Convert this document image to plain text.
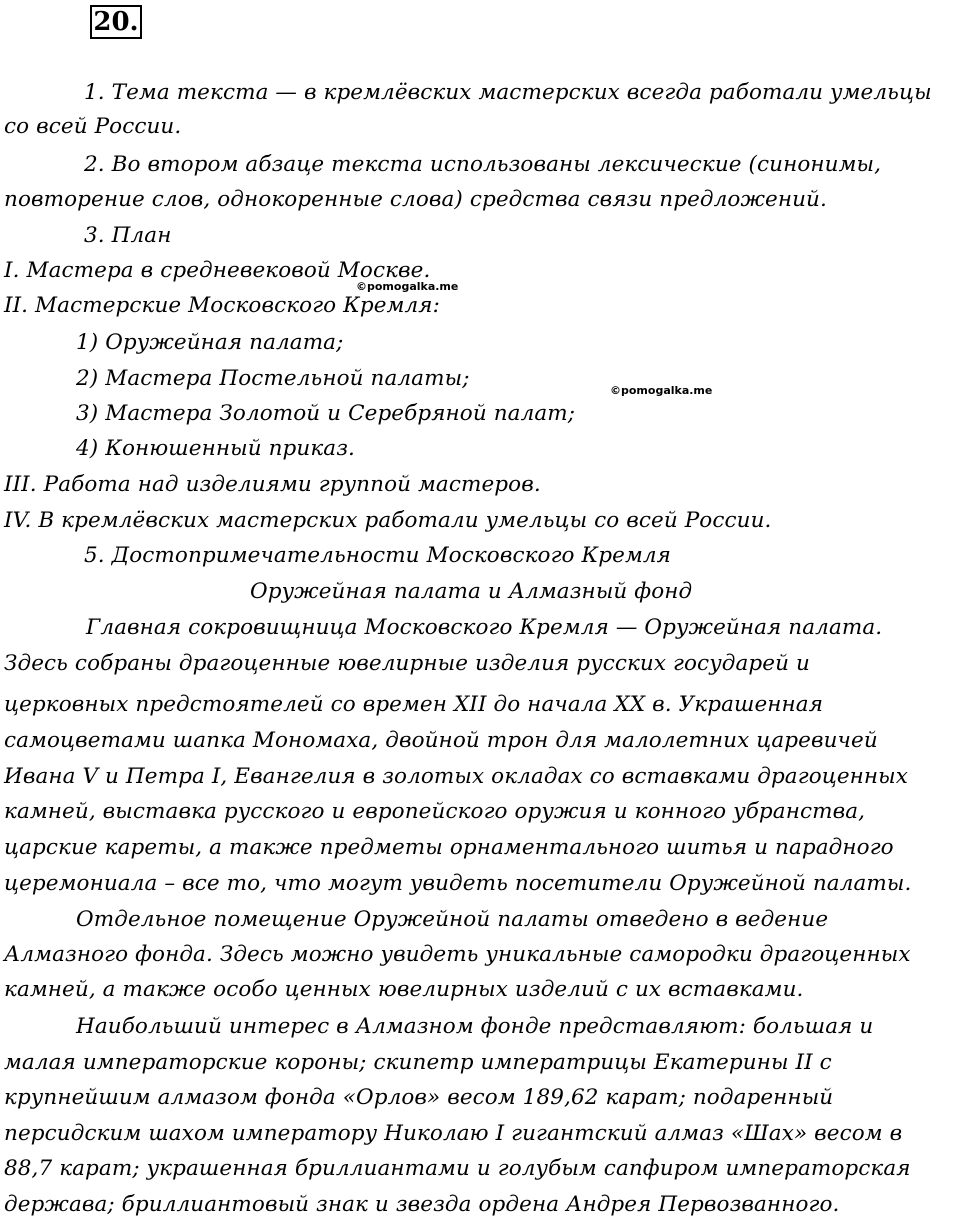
20.
1. Тема текста — в кремлёвских мастерских всегда работали умельцы
со всей России.
2. Во втором абзаце текста использованы лексические (синонимы,
повторение слов, однокоренные слова) средства связи предложений.
3. План
I. Мастера в средневековой Москве.
II. Мастерские Московского Кремля:
1) Оружейная палата;
2) Мастера Постельной палаты;
3) Мастера Золотой и Серебряной палат;
4) Конюшенный приказ.
III. Работа над изделиями группой мастеров.
IV. В кремлёвских мастерских работали умельцы со всей России.
5. Достопримечательности Московского Кремля
Оружейная палата и Алмазный фонд
Главная сокровищница Московского Кремля — Оружейная палата.
Здесь собраны драгоценные ювелирные изделия русских государей и
церковных предстоятелей со времен XII до начала XX в. Украшенная
самоцветами шапка Мономаха, двойной трон для малолетних царевичей
Ивана V и Петра I, Евангелия в золотых окладах со вставками драгоценных
камней, выставка русского и европейского оружия и конного убранства,
царские кареты, а также предметы орнаментального шитья и парадного
церемониала – все то, что могут увидеть посетители Оружейной палаты.
Отдельное помещение Оружейной палаты отведено в ведение
Алмазного фонда. Здесь можно увидеть уникальные самородки драгоценных
камней, а также особо ценных ювелирных изделий с их вставками.
Наибольший интерес в Алмазном фонде представляют: большая и
малая императорские короны; скипетр императрицы Екатерины II с
крупнейшим алмазом фонда «Орлов» весом 189,62 карат; подаренный
персидским шахом императору Николаю I гигантский алмаз «Шах» весом в
88,7 карат; украшенная бриллиантами и голубым сапфиром императорская
держава; бриллиантовый знак и звезда ордена Андрея Первозванного.
©pomogalka.me
©pomogalka.me
